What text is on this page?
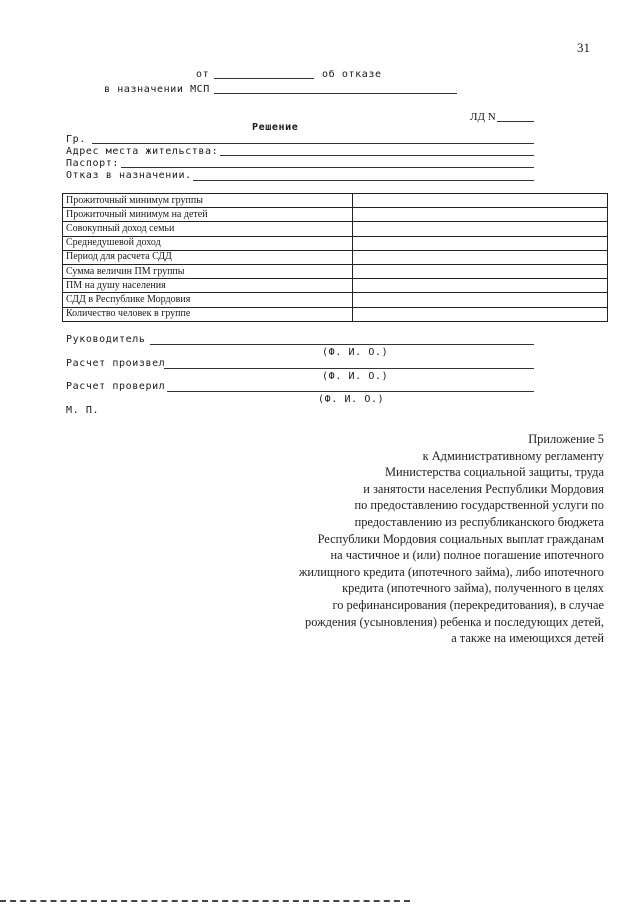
31
от	об отказе
в назначении МСП
ЛД N
Решение
Гр.
Адрес места жительства:
Паспорт:
Отказ в назначении.
Прожиточный минимум группы	
Прожиточный минимум на детей	
Совокупный доход семьи	
Среднедушевой доход	
Период для расчета СДД	
Сумма величин ПМ группы	
ПМ на душу населения	
СДД в Республике Мордовия	
Количество человек в группе	
Руководитель
(Ф. И. О.)
Расчет произвел
(Ф. И. О.)
Расчет проверил
(Ф. И. О.)
М. П.
Приложение 5
к Административному регламенту
Министерства социальной защиты, труда
и занятости населения Республики Мордовия
по предоставлению государственной услуги по
предоставлению из республиканского бюджета
Республики Мордовия социальных выплат гражданам
на частичное и (или) полное погашение ипотечного
жилищного кредита (ипотечного займа), либо ипотечного
кредита (ипотечного займа), полученного в целях
го рефинансирования (перекредитования), в случае
рождения (усыновления) ребенка и последующих детей,
а также на имеющихся детей
